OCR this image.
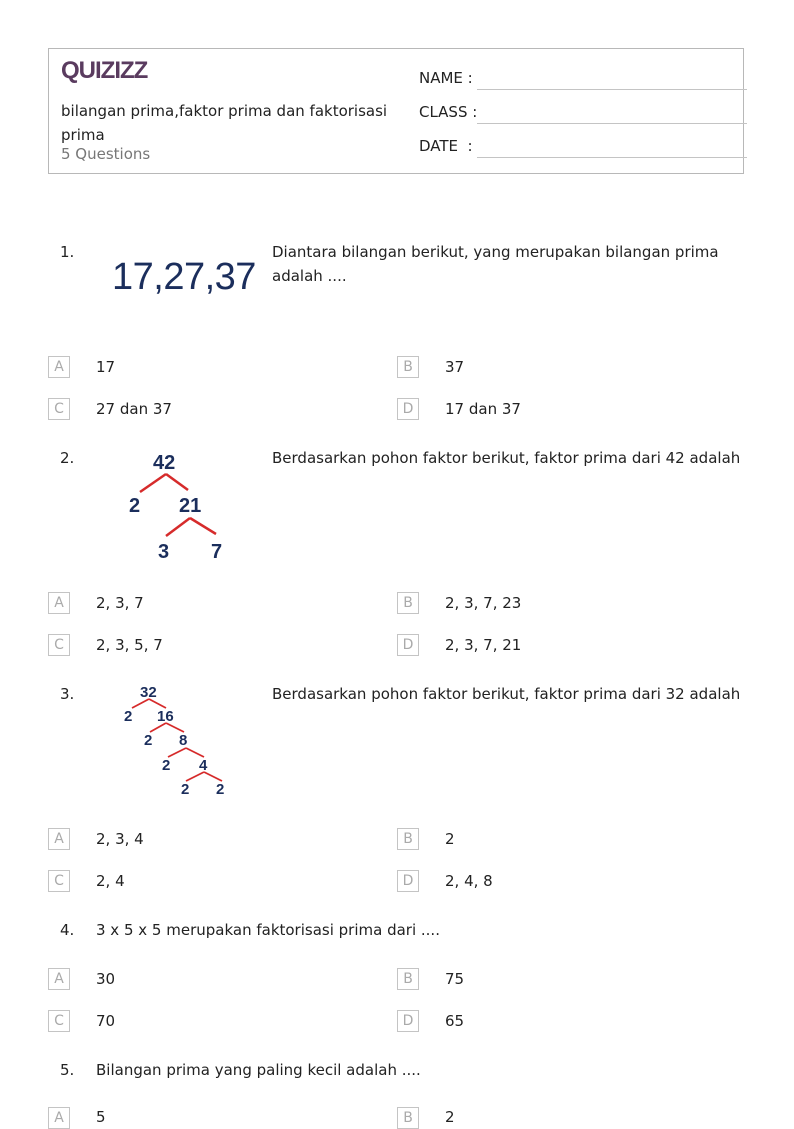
QUIZIZZ
bilangan prima,faktor prima dan faktorisasi prima
5 Questions
NAME :
CLASS :
DATE  :
1.
17,27,37
Diantara bilangan berikut, yang merupakan bilangan prima adalah ....
A	17	B	37
C	27 dan 37	D	17 dan 37
2.	42
2 21
3 7
Berdasarkan pohon faktor berikut, faktor prima dari 42 adalah
A	2, 3, 7	B	2, 3, 7, 23
C	2, 3, 5, 7	D	2, 3, 7, 21
3.	32
2 16
2 8
2 4
2 2
Berdasarkan pohon faktor berikut, faktor prima dari 32 adalah
A	2, 3, 4	B	2
C	2, 4	D	2, 4, 8
4. 3 x 5 x 5 merupakan faktorisasi prima dari ....
A	30	B	75
C	70	D	65
5. Bilangan prima yang paling kecil adalah ....
A	5	B	2
